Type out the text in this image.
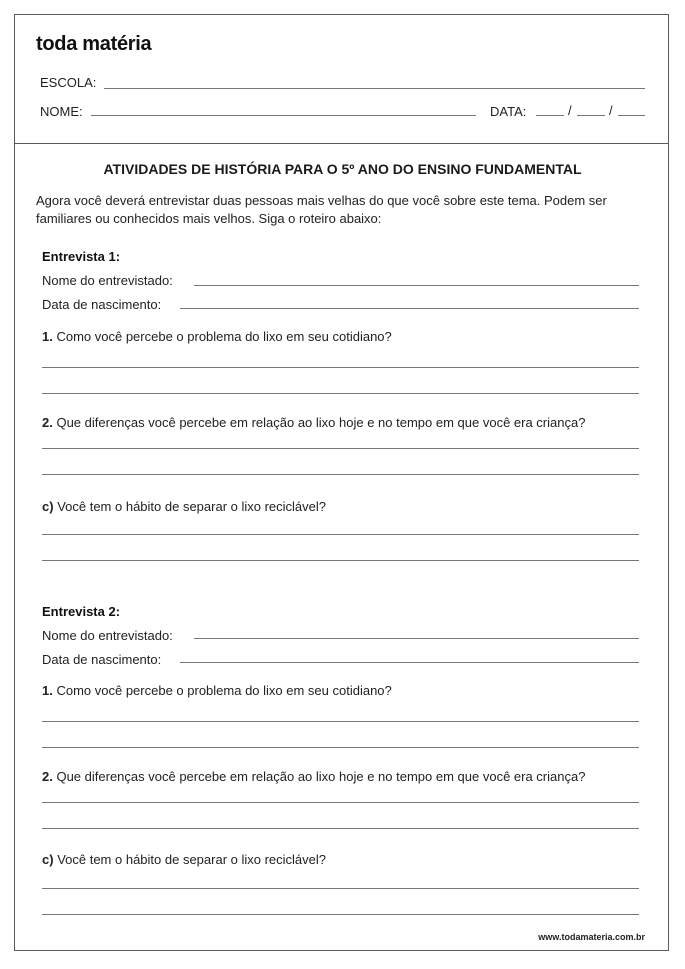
toda matéria
ESCOLA:
NOME:	DATA:	/	/
ATIVIDADES DE HISTÓRIA PARA O 5º ANO DO ENSINO FUNDAMENTAL
Agora você deverá entrevistar duas pessoas mais velhas do que você sobre este tema. Podem ser familiares ou conhecidos mais velhos. Siga o roteiro abaixo:
Entrevista 1:
Nome do entrevistado:
Data de nascimento:
1. Como você percebe o problema do lixo em seu cotidiano?
2. Que diferenças você percebe em relação ao lixo hoje e no tempo em que você era criança?
c) Você tem o hábito de separar o lixo reciclável?
Entrevista 2:
Nome do entrevistado:
Data de nascimento:
1. Como você percebe o problema do lixo em seu cotidiano?
2. Que diferenças você percebe em relação ao lixo hoje e no tempo em que você era criança?
c) Você tem o hábito de separar o lixo reciclável?
www.todamateria.com.br
